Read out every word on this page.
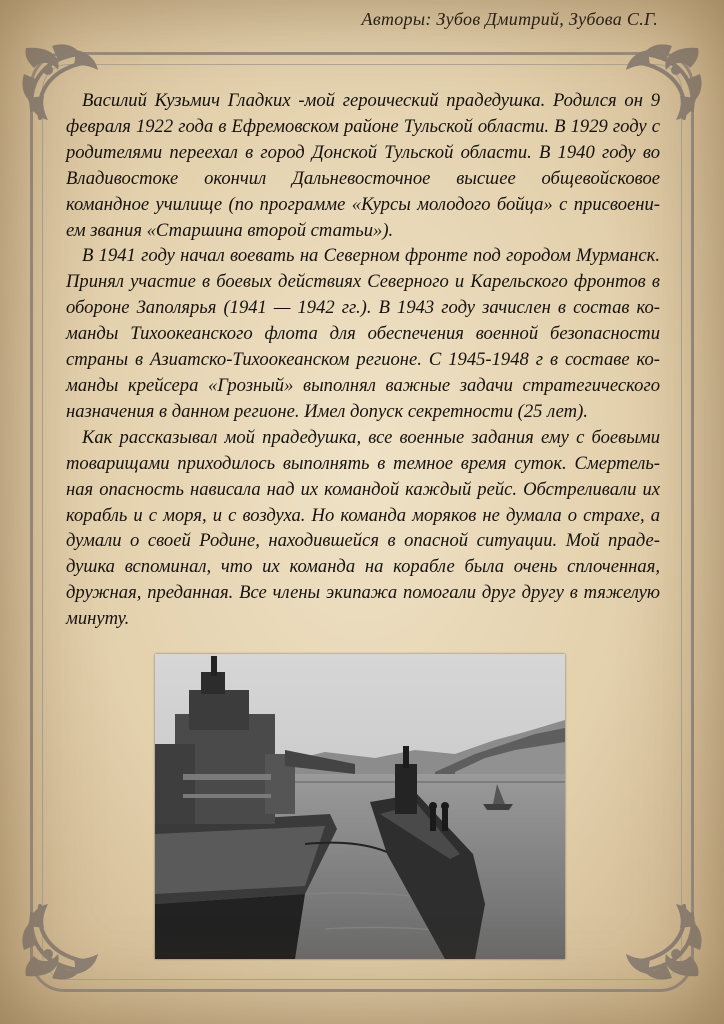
Авторы: Зубов Дмитрий, Зубова С.Г.

Василий Кузьмич Гладких -мой героический прадедушка. Родился он 9 февраля 1922 года в Ефремовском районе Тульской области. В 1929 году с родителями переехал в город Донской Тульской области. В 1940 году во Владивостоке окончил Дальневосточное высшее общевойсковое командное училище (по программе «Курсы молодого бойца» с присвоени-ем звания «Старшина второй статьи»).

В 1941 году начал воевать на Северном фронте под городом Мурманск. Принял участие в боевых действиях Северного и Карельского фронтов в обороне Заполярья (1941 — 1942 гг.). В 1943 году зачислен в состав ко-манды Тихоокеанского флота для обеспечения военной безопасности страны в Азиатско-Тихоокеанском регионе. С 1945-1948 г в составе ко-манды крейсера «Грозный» выполнял важные задачи стратегического назначения в данном регионе. Имел допуск секретности (25 лет).

Как рассказывал мой прадедушка, все военные задания ему с боевыми товарищами приходилось выполнять в темное время суток. Смертель-ная опасность нависала над их командой каждый рейс. Обстреливали их корабль и с моря, и с воздуха. Но команда моряков не думала о страхе, а думали о своей Родине, находившейся в опасной ситуации. Мой праде-душка вспоминал, что их команда на корабле была очень сплоченная, дружная, преданная. Все члены экипажа помогали друг другу в тяжелую минуту.
